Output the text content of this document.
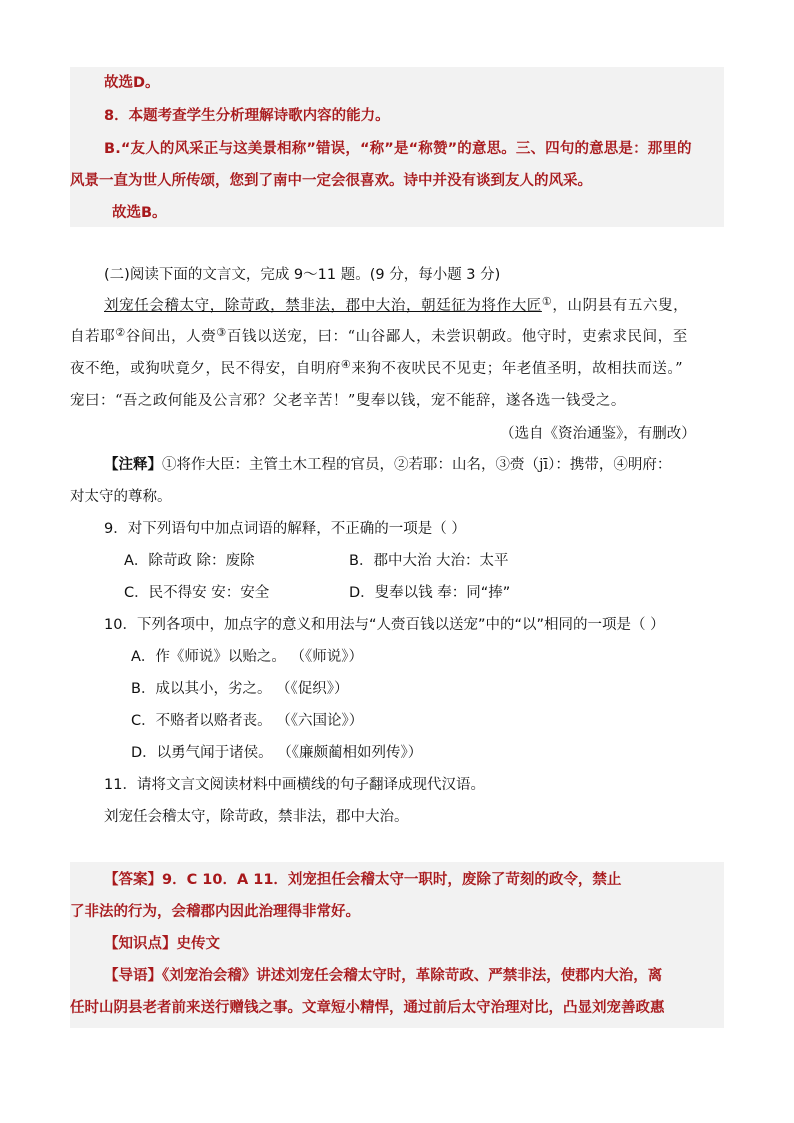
故选D。
8．本题考查学生分析理解诗歌内容的能力。
B.“友人的风采正与这美景相称”错误，“称”是“称赞”的意思。三、四句的意思是：那里的
风景一直为世人所传颂，您到了南中一定会很喜欢。诗中并没有谈到友人的风采。
故选B。
(二)阅读下面的文言文，完成 9～11 题。(9 分，每小题 3 分)
刘宠任会稽太守，除苛政，禁非法，郡中大治，朝廷征为将作大匠①，山阴县有五六叟，
自若耶②谷间出，人赍③百钱以送宠，曰：“山谷鄙人，未尝识朝政。他守时，吏索求民间，至
夜不绝，或狗吠竟夕，民不得安，自明府④来狗不夜吠民不见吏；年老值圣明，故相扶而送。”
宠曰：“吾之政何能及公言邪？父老辛苦！”叟奉以钱，宠不能辞，遂各选一钱受之。
（选自《资治通鉴》，有删改）
【注释】①将作大臣：主管土木工程的官员，②若耶：山名，③赍（jī）：携带，④明府：
对太守的尊称。
9．对下列语句中加点词语的解释，不正确的一项是（ ）
A．除苛政 除：废除	B．郡中大治 大治：太平
C．民不得安 安：安全	D．叟奉以钱 奉：同“捧”
10．下列各项中，加点字的意义和用法与“人赍百钱以送宠”中的“以”相同的一项是（ ）
A．作《师说》以贻之。 （《师说》）
B．成以其小，劣之。 （《促织》）
C．不赂者以赂者丧。 （《六国论》）
D．以勇气闻于诸侯。 （《廉颇蔺相如列传》）
11．请将文言文阅读材料中画横线的句子翻译成现代汉语。
刘宠任会稽太守，除苛政，禁非法，郡中大治。
【答案】9．C 10．A 11．刘宠担任会稽太守一职时，废除了苛刻的政令，禁止
了非法的行为，会稽郡内因此治理得非常好。
【知识点】史传文
【导语】《刘宠治会稽》讲述刘宠任会稽太守时，革除苛政、严禁非法，使郡内大治，离
任时山阴县老者前来送行赠钱之事。文章短小精悍，通过前后太守治理对比，凸显刘宠善政惠
